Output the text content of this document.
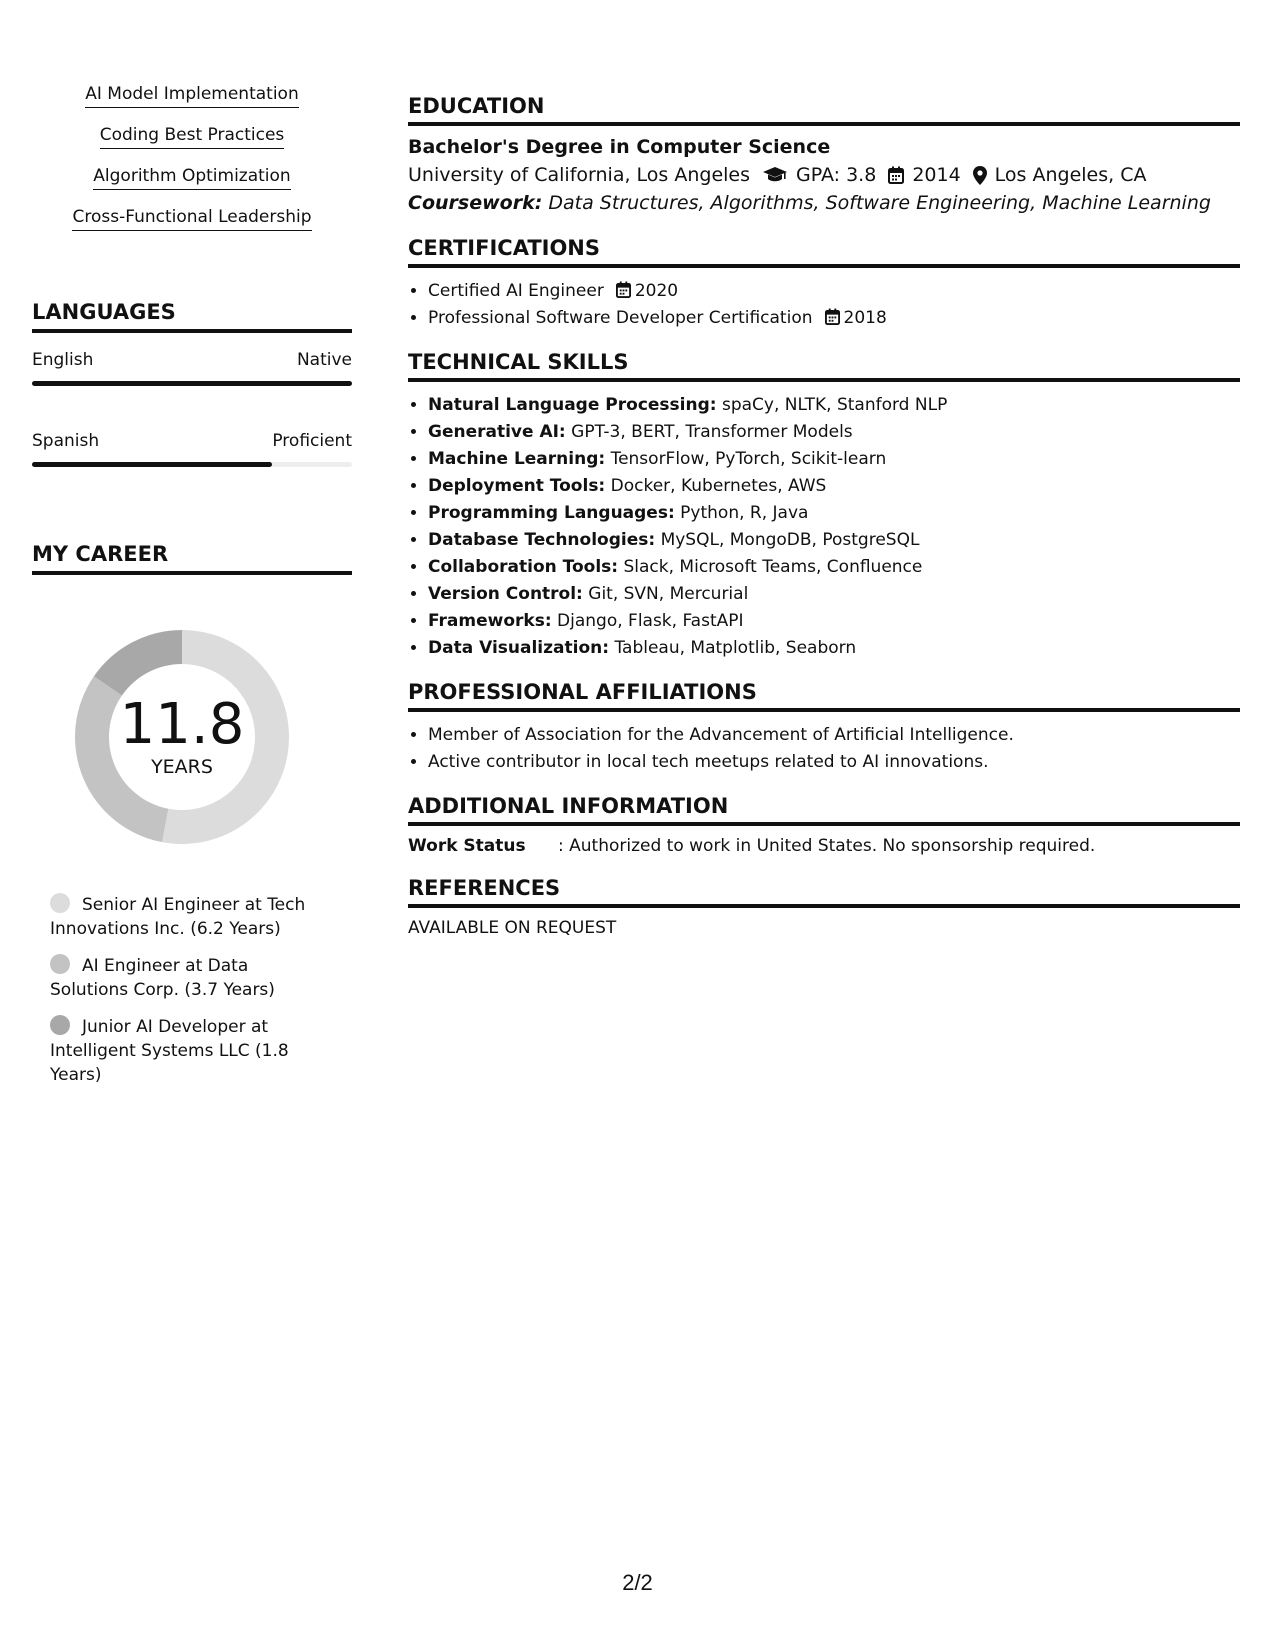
AI Model Implementation
Coding Best Practices
Algorithm Optimization
Cross-Functional Leadership
LANGUAGES
English	Native
Spanish	Proficient
MY CAREER
11.8
YEARS
Senior AI Engineer at Tech Innovations Inc. (6.2 Years)
AI Engineer at Data Solutions Corp. (3.7 Years)
Junior AI Developer at Intelligent Systems LLC (1.8 Years)
EDUCATION
Bachelor's Degree in Computer Science
University of California, Los Angeles GPA: 3.8 2014 Los Angeles, CA
Coursework: Data Structures, Algorithms, Software Engineering, Machine Learning
CERTIFICATIONS
• Certified AI Engineer 2020
• Professional Software Developer Certification 2018
TECHNICAL SKILLS
• Natural Language Processing: spaCy, NLTK, Stanford NLP
• Generative AI: GPT-3, BERT, Transformer Models
• Machine Learning: TensorFlow, PyTorch, Scikit-learn
• Deployment Tools: Docker, Kubernetes, AWS
• Programming Languages: Python, R, Java
• Database Technologies: MySQL, MongoDB, PostgreSQL
• Collaboration Tools: Slack, Microsoft Teams, Confluence
• Version Control: Git, SVN, Mercurial
• Frameworks: Django, Flask, FastAPI
• Data Visualization: Tableau, Matplotlib, Seaborn
PROFESSIONAL AFFILIATIONS
• Member of Association for the Advancement of Artificial Intelligence.
• Active contributor in local tech meetups related to AI innovations.
ADDITIONAL INFORMATION
Work Status	: Authorized to work in United States. No sponsorship required.
REFERENCES
AVAILABLE ON REQUEST
2/2
